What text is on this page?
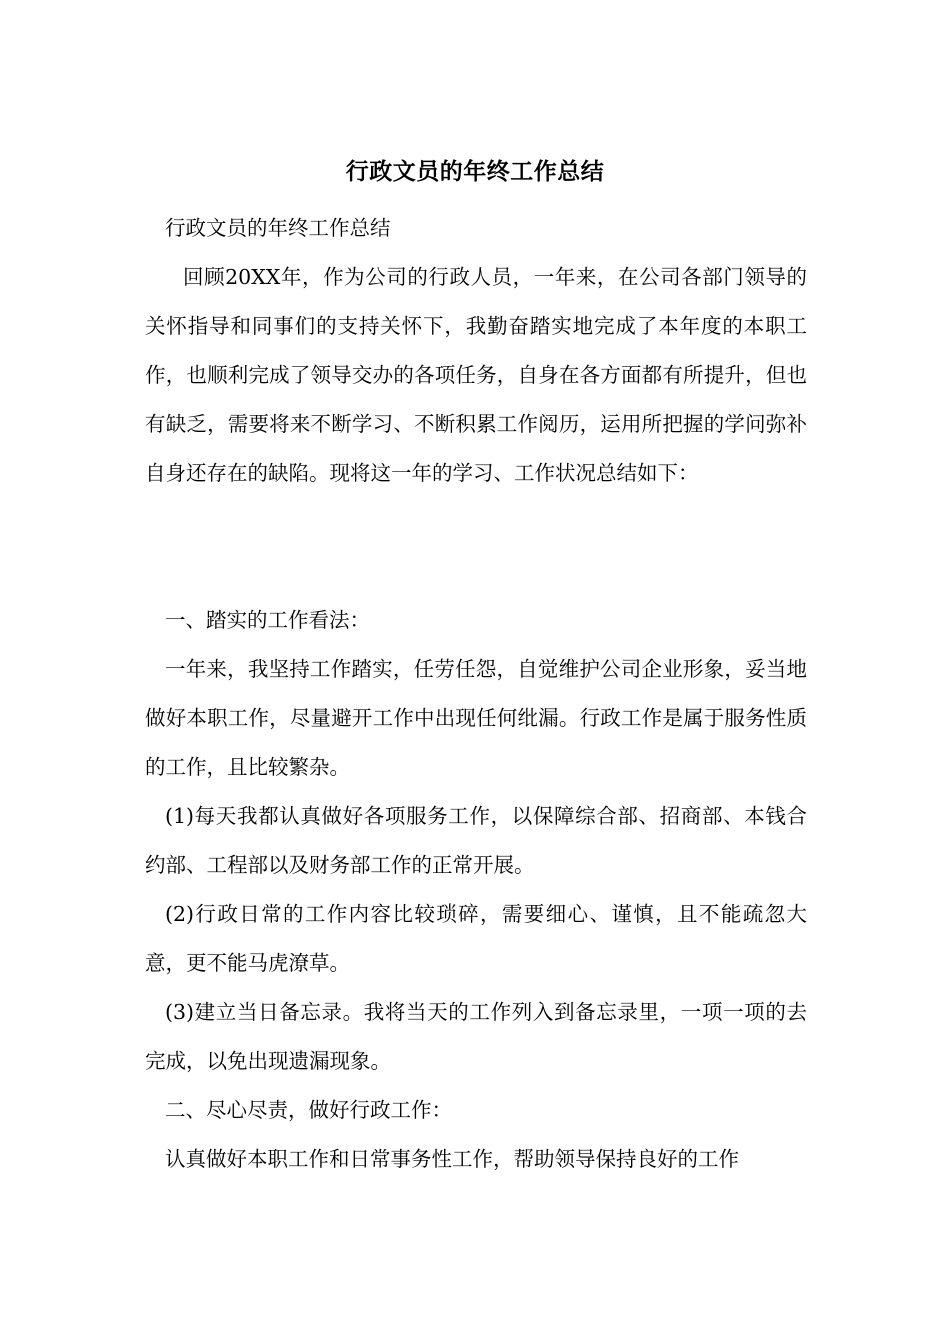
行政文员的年终工作总结

行政文员的年终工作总结

回顾20XX年，作为公司的行政人员，一年来，在公司各部门领导的关怀指导和同事们的支持关怀下，我勤奋踏实地完成了本年度的本职工作，也顺利完成了领导交办的各项任务，自身在各方面都有所提升，但也有缺乏，需要将来不断学习、不断积累工作阅历，运用所把握的学问弥补自身还存在的缺陷。现将这一年的学习、工作状况总结如下：

一、踏实的工作看法：

一年来，我坚持工作踏实，任劳任怨，自觉维护公司企业形象，妥当地做好本职工作，尽量避开工作中出现任何纰漏。行政工作是属于服务性质的工作，且比较繁杂。

(1)每天我都认真做好各项服务工作，以保障综合部、招商部、本钱合约部、工程部以及财务部工作的正常开展。

(2)行政日常的工作内容比较琐碎，需要细心、谨慎，且不能疏忽大意，更不能马虎潦草。

(3)建立当日备忘录。我将当天的工作列入到备忘录里，一项一项的去完成，以免出现遗漏现象。

二、尽心尽责，做好行政工作：

认真做好本职工作和日常事务性工作，帮助领导保持良好的工作
